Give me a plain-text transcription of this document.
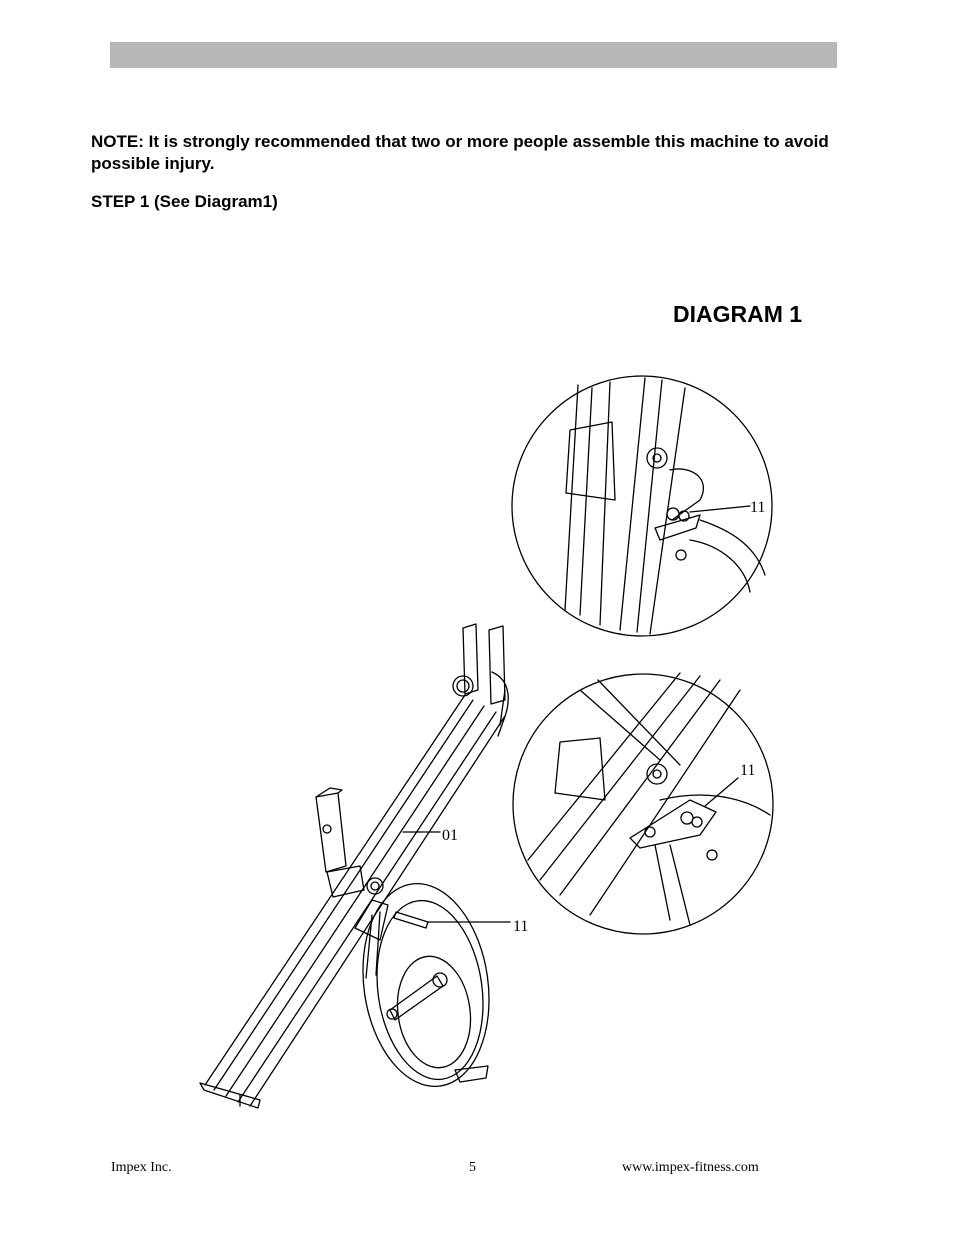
NOTE: It is strongly recommended that two or more people assemble this machine to avoid possible injury.
STEP 1 (See Diagram1)
DIAGRAM 1
01
11
11
11
Impex Inc.	5	www.impex-fitness.com
